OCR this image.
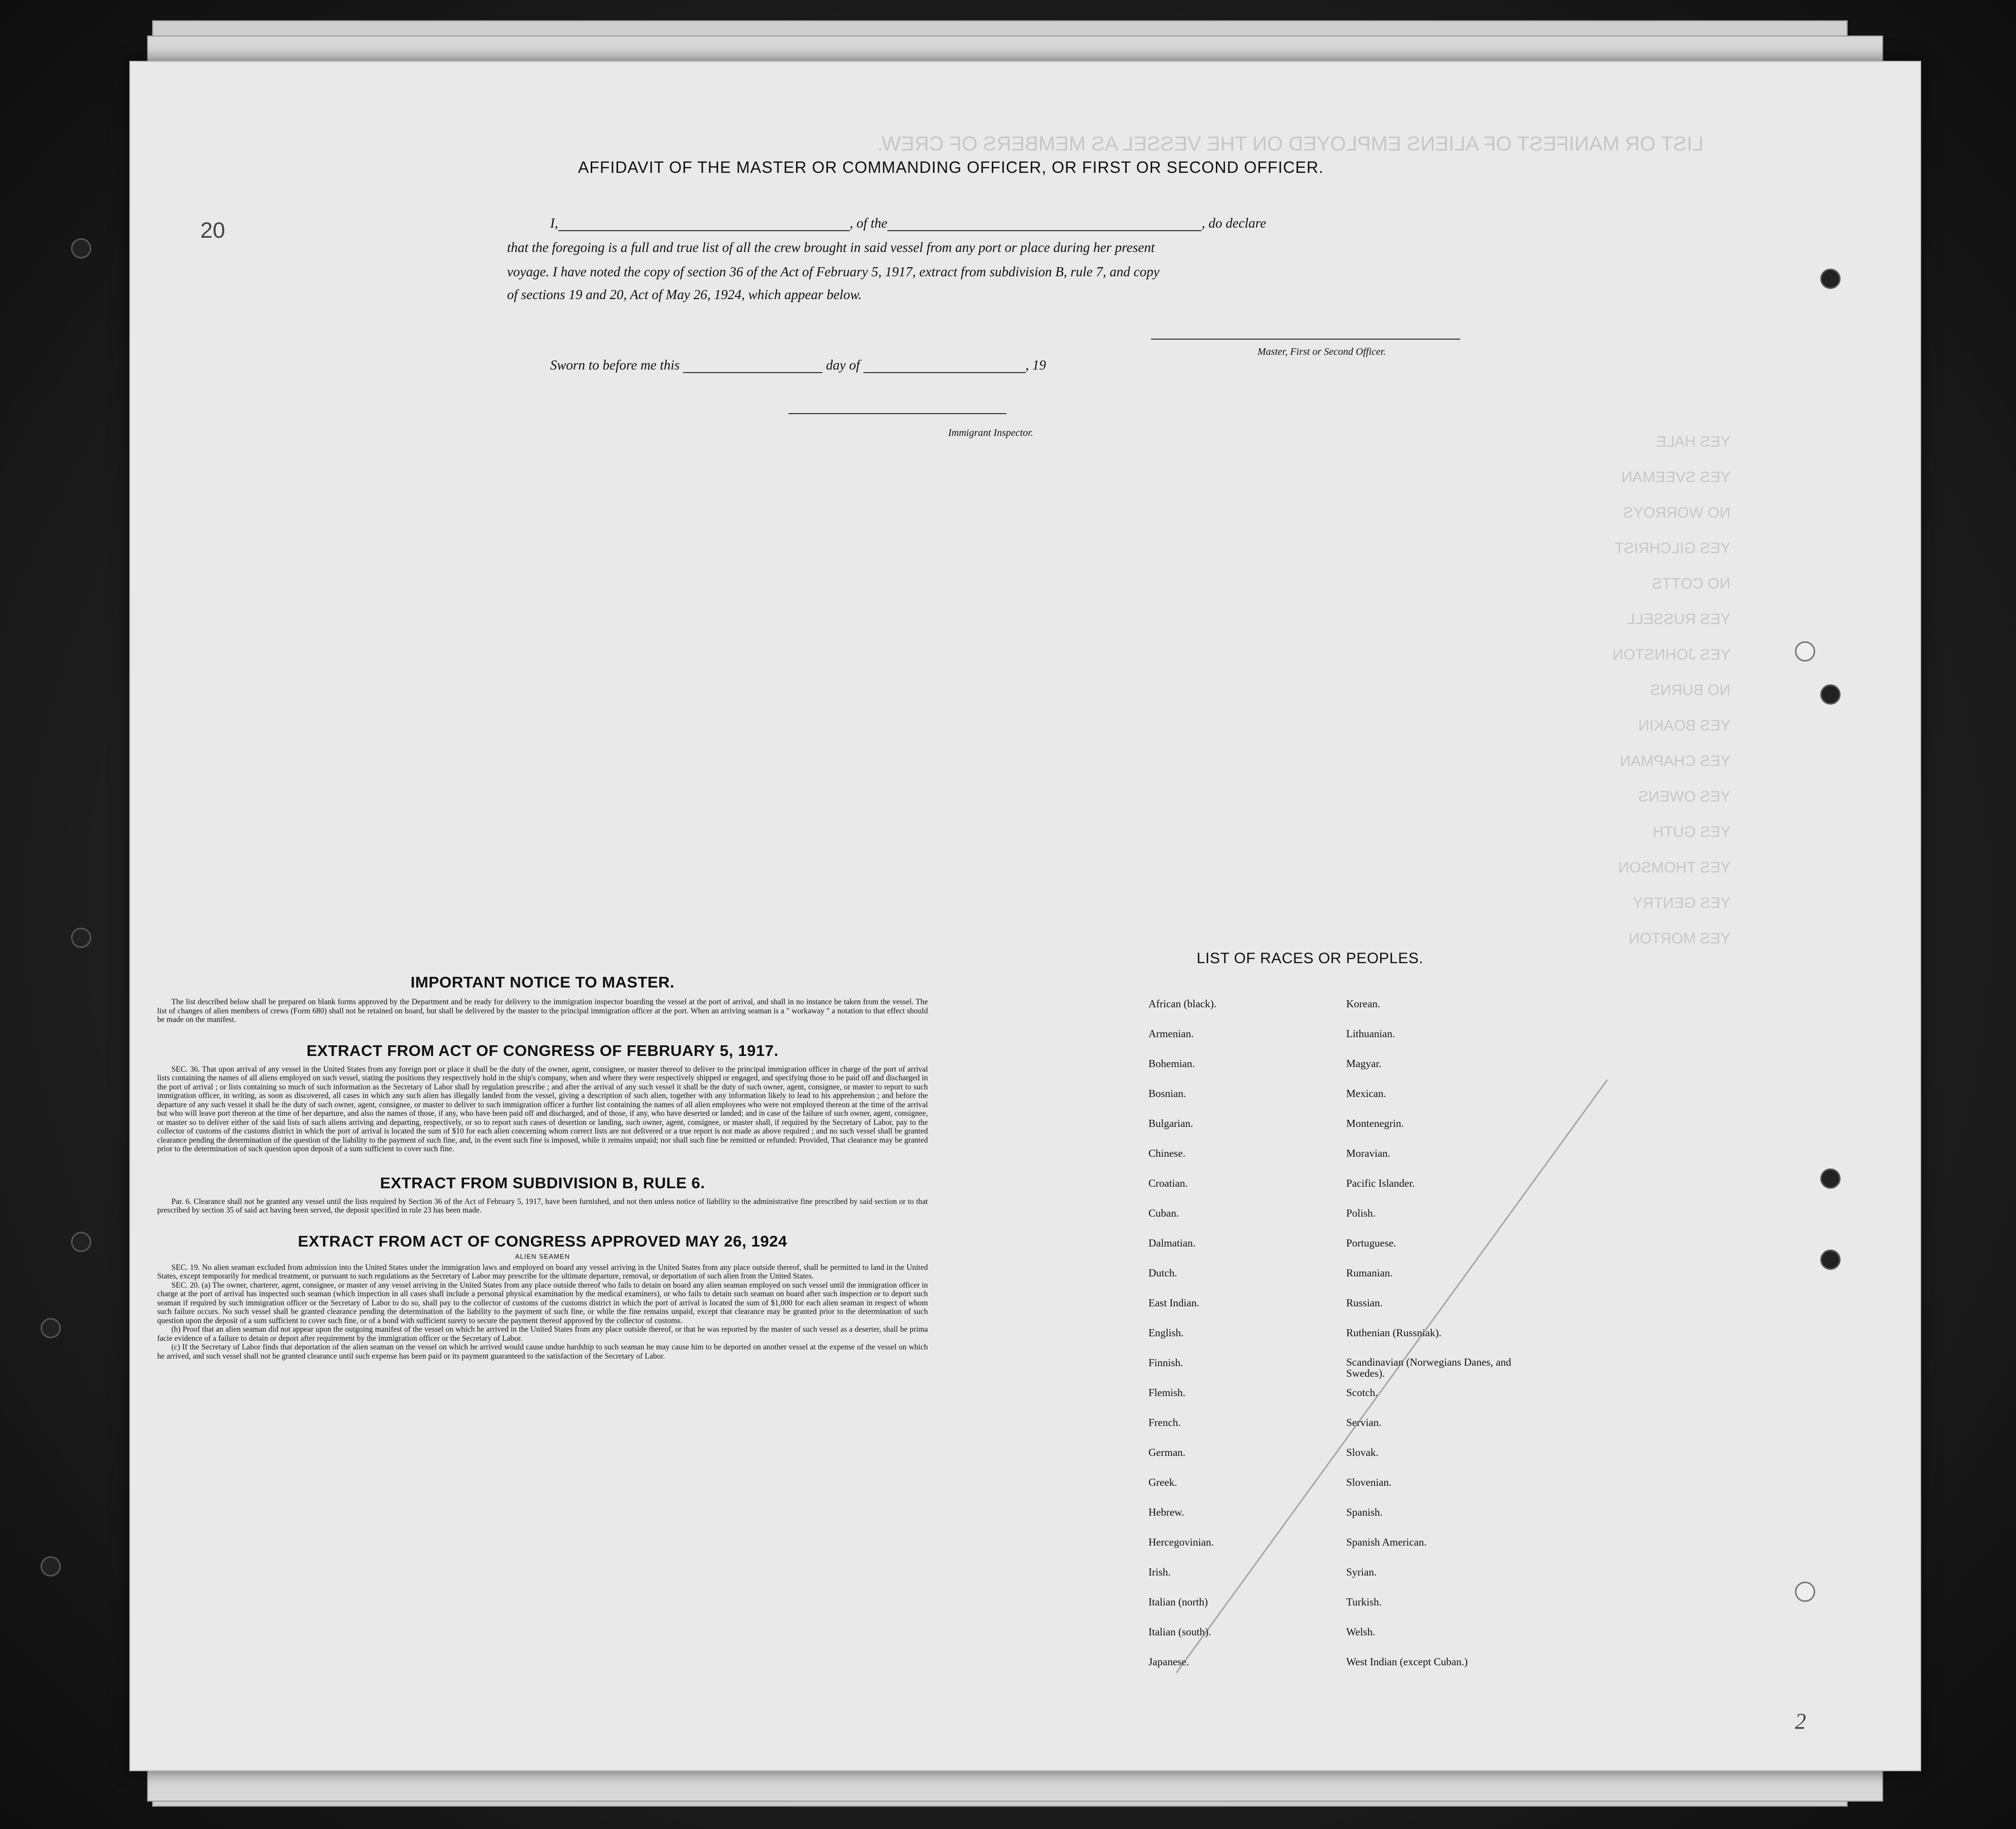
LIST OR MANIFEST OF ALIENS EMPLOYED ON THE VESSEL AS MEMBERS OF CREW.
YES HALE
YES SVEEMAN
NO WORROYS
YES GILCHRIST
NO COTTS
YES RUSSELL
YES JOHNSTON
NO BURNS
YES BOAKIN
YES CHAPMAN
YES OWENS
YES GUTH
YES THOMSON
YES GENTRY
YES MORTON
AFFIDAVIT OF THE MASTER OR COMMANDING OFFICER, OR FIRST OR SECOND OFFICER.
20	I,	, of the	, do declare
that the foregoing is a full and true list of all the crew brought in said vessel from any port or place during her present
voyage. I have noted the copy of section 36 of the Act of February 5, 1917, extract from subdivision B, rule 7, and copy
of sections 19 and 20, Act of May 26, 1924, which appear below.
Master, First or Second Officer.
Sworn to before me this	day of	, 19
Immigrant Inspector.
IMPORTANT NOTICE TO MASTER.

The list described below shall be prepared on blank forms approved by the Department and be ready for delivery to the immigration inspector boarding the vessel at the port of arrival, and shall in no instance be taken from the vessel. The list of changes of alien members of crews (Form 680) shall not be retained on board, but shall be delivered by the master to the principal immigration officer at the port. When an arriving seaman is a " workaway " a notation to that effect should be made on the manifest.

EXTRACT FROM ACT OF CONGRESS OF FEBRUARY 5, 1917.

SEC. 36. That upon arrival of any vessel in the United States from any foreign port or place it shall be the duty of the owner, agent, consignee, or master thereof to deliver to the principal immigration officer in charge of the port of arrival lists containing the names of all aliens employed on such vessel, stating the positions they respectively hold in the ship's company, when and where they were respectively shipped or engaged, and specifying those to be paid off and discharged in the port of arrival ; or lists containing so much of such information as the Secretary of Labor shall by regulation prescribe ; and after the arrival of any such vessel it shall be the duty of such owner, agent, consignee, or master to report to such immigration officer, in writing, as soon as discovered, all cases in which any such alien has illegally landed from the vessel, giving a description of such alien, together with any information likely to lead to his apprehension ; and before the departure of any such vessel it shall be the duty of such owner, agent, consignee, or master to deliver to such immigration officer a further list containing the names of all alien employees who were not employed thereon at the time of the arrival but who will leave port thereon at the time of her departure, and also the names of those, if any, who have been paid off and discharged, and of those, if any, who have deserted or landed; and in case of the failure of such owner, agent, consignee, or master so to deliver either of the said lists of such aliens arriving and departing, respectively, or so to report such cases of desertion or landing, such owner, agent, consignee, or master shall, if required by the Secretary of Labor, pay to the collector of customs of the customs district in which the port of arrival is located the sum of $10 for each alien concerning whom correct lists are not delivered or a true report is not made as above required ; and no such vessel shall be granted clearance pending the determination of the question of the liability to the payment of such fine, and, in the event such fine is imposed, while it remains unpaid; nor shall such fine be remitted or refunded: Provided, That clearance may be granted prior to the determination of such question upon deposit of a sum sufficient to cover such fine.

EXTRACT FROM SUBDIVISION B, RULE 6.

Par. 6. Clearance shall not be granted any vessel until the lists required by Section 36 of the Act of February 5, 1917, have been furnished, and not then unless notice of liability to the administrative fine prescribed by said section or to that prescribed by section 35 of said act having been served, the deposit specified in rule 23 has been made.

EXTRACT FROM ACT OF CONGRESS APPROVED MAY 26, 1924
ALIEN SEAMEN

SEC. 19. No alien seaman excluded from admission into the United States under the immigration laws and employed on board any vessel arriving in the United States from any place outside thereof, shall be permitted to land in the United States, except temporarily for medical treatment, or pursuant to such regulations as the Secretary of Labor may prescribe for the ultimate departure, removal, or deportation of such alien from the United States.

SEC. 20. (a) The owner, charterer, agent, consignee, or master of any vessel arriving in the United States from any place outside thereof who fails to detain on board any alien seaman employed on such vessel until the immigration officer in charge at the port of arrival has inspected such seaman (which inspection in all cases shall include a personal physical examination by the medical examiners), or who fails to detain such seaman on board after such inspection or to deport such seaman if required by such immigration officer or the Secretary of Labor to do so, shall pay to the collector of customs of the customs district in which the port of arrival is located the sum of $1,000 for each alien seaman in respect of whom such failure occurs. No such vessel shall be granted clearance pending the determination of the liability to the payment of such fine, or while the fine remains unpaid, except that clearance may be granted prior to the determination of such question upon the deposit of a sum sufficient to cover such fine, or of a bond with sufficient surety to secure the payment thereof approved by the collector of customs.

(b) Proof that an alien seaman did not appear upon the outgoing manifest of the vessel on which he arrived in the United States from any place outside thereof, or that he was reported by the master of such vessel as a deserter, shall be prima facie evidence of a failure to detain or deport after requirement by the immigration officer or the Secretary of Labor.

(c) If the Secretary of Labor finds that deportation of the alien seaman on the vessel on which he arrived would cause undue hardship to such seaman he may cause him to be deported on another vessel at the expense of the vessel on which he arrived, and such vessel shall not be granted clearance until such expense has been paid or its payment guaranteed to the satisfaction of the Secretary of Labor.

LIST OF RACES OR PEOPLES.
African (black).	Korean.
Armenian.	Lithuanian.
Bohemian.	Magyar.
Bosnian.	Mexican.
Bulgarian.	Montenegrin.
Chinese.	Moravian.
Croatian.	Pacific Islander.
Cuban.	Polish.
Dalmatian.	Portuguese.
Dutch.	Rumanian.
East Indian.	Russian.
English.	Ruthenian (Russniak).
Finnish.	Scandinavian (Norwegians Danes, and Swedes).
Flemish.	Scotch.
French.	Servian.
German.	Slovak.
Greek.	Slovenian.
Hebrew.	Spanish.
Hercegovinian.	Spanish American.
Irish.	Syrian.
Italian (north)	Turkish.
Italian (south).	Welsh.
Japanese.	West Indian (except Cuban.)
2
